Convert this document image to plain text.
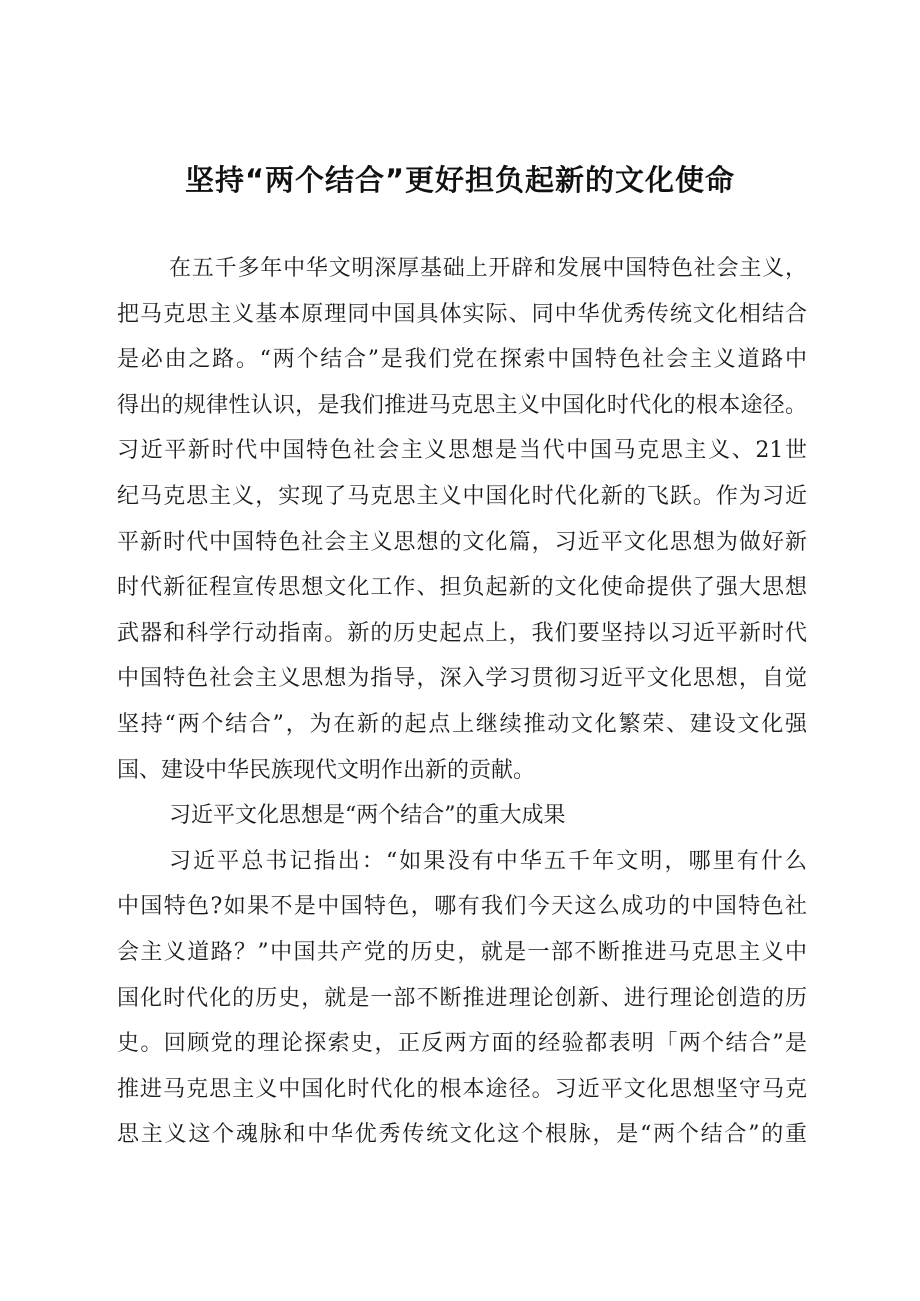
坚持“两个结合”更好担负起新的文化使命
在五千多年中华文明深厚基础上开辟和发展中国特色社会主义，
把马克思主义基本原理同中国具体实际、同中华优秀传统文化相结合
是必由之路。“两个结合”是我们党在探索中国特色社会主义道路中
得出的规律性认识，是我们推进马克思主义中国化时代化的根本途径。
习近平新时代中国特色社会主义思想是当代中国马克思主义、21世
纪马克思主义，实现了马克思主义中国化时代化新的飞跃。作为习近
平新时代中国特色社会主义思想的文化篇，习近平文化思想为做好新
时代新征程宣传思想文化工作、担负起新的文化使命提供了强大思想
武器和科学行动指南。新的历史起点上，我们要坚持以习近平新时代
中国特色社会主义思想为指导，深入学习贯彻习近平文化思想，自觉
坚持“两个结合”，为在新的起点上继续推动文化繁荣、建设文化强
国、建设中华民族现代文明作出新的贡献。
习近平文化思想是“两个结合”的重大成果
习近平总书记指出：“如果没有中华五千年文明，哪里有什么
中国特色?如果不是中国特色，哪有我们今天这么成功的中国特色社
会主义道路？”中国共产党的历史，就是一部不断推进马克思主义中
国化时代化的历史，就是一部不断推进理论创新、进行理论创造的历
史。回顾党的理论探索史，正反两方面的经验都表明「两个结合”是
推进马克思主义中国化时代化的根本途径。习近平文化思想坚守马克
思主义这个魂脉和中华优秀传统文化这个根脉，是“两个结合”的重
